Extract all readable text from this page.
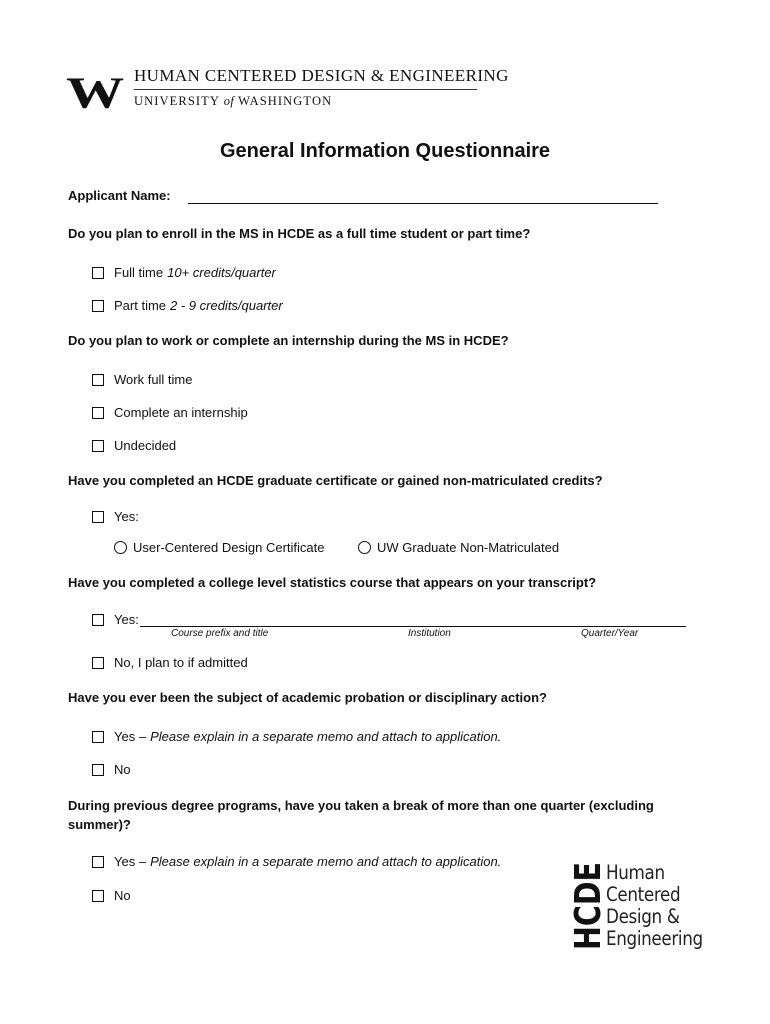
W HUMAN CENTERED DESIGN & ENGINEERING
UNIVERSITY of WASHINGTON
General Information Questionnaire
Applicant Name:
Do you plan to enroll in the MS in HCDE as a full time student or part time?
Full time 10+ credits/quarter
Part time 2 - 9 credits/quarter
Do you plan to work or complete an internship during the MS in HCDE?
Work full time
Complete an internship
Undecided
Have you completed an HCDE graduate certificate or gained non-matriculated credits?
Yes:
User-Centered Design Certificate	UW Graduate Non-Matriculated
Have you completed a college level statistics course that appears on your transcript?
Yes:
Course prefix and title	Institution	Quarter/Year
No, I plan to if admitted
Have you ever been the subject of academic probation or disciplinary action?
Yes – Please explain in a separate memo and attach to application.
No
During previous degree programs, have you taken a break of more than one quarter (excluding summer)?
Yes – Please explain in a separate memo and attach to application.
No	HCDE
Human
Centered
Design &
Engineering
